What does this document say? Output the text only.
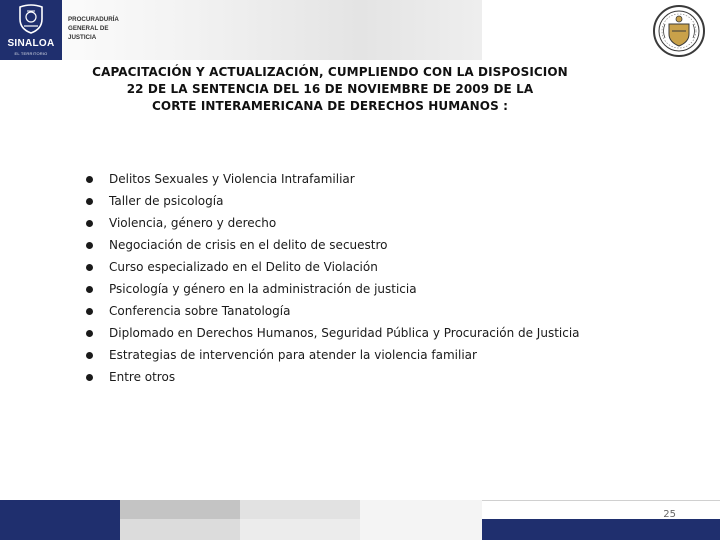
SINALOA
EL TERRITORIO
PROCURADURÍA
GENERAL DE
JUSTICIA
CAPACITACIÓN Y ACTUALIZACIÓN, CUMPLIENDO CON LA DISPOSICION
22 DE LA SENTENCIA DEL 16 DE NOVIEMBRE DE 2009 DE LA
CORTE INTERAMERICANA DE DERECHOS HUMANOS :
Delitos Sexuales y Violencia Intrafamiliar
Taller de psicología
Violencia, género y derecho
Negociación de crisis en el delito de secuestro
Curso especializado en el Delito de Violación
Psicología y género en la administración de justicia
Conferencia sobre Tanatología
Diplomado en Derechos Humanos, Seguridad Pública y Procuración de Justicia
Estrategias de intervención para atender la violencia familiar
Entre otros
25
